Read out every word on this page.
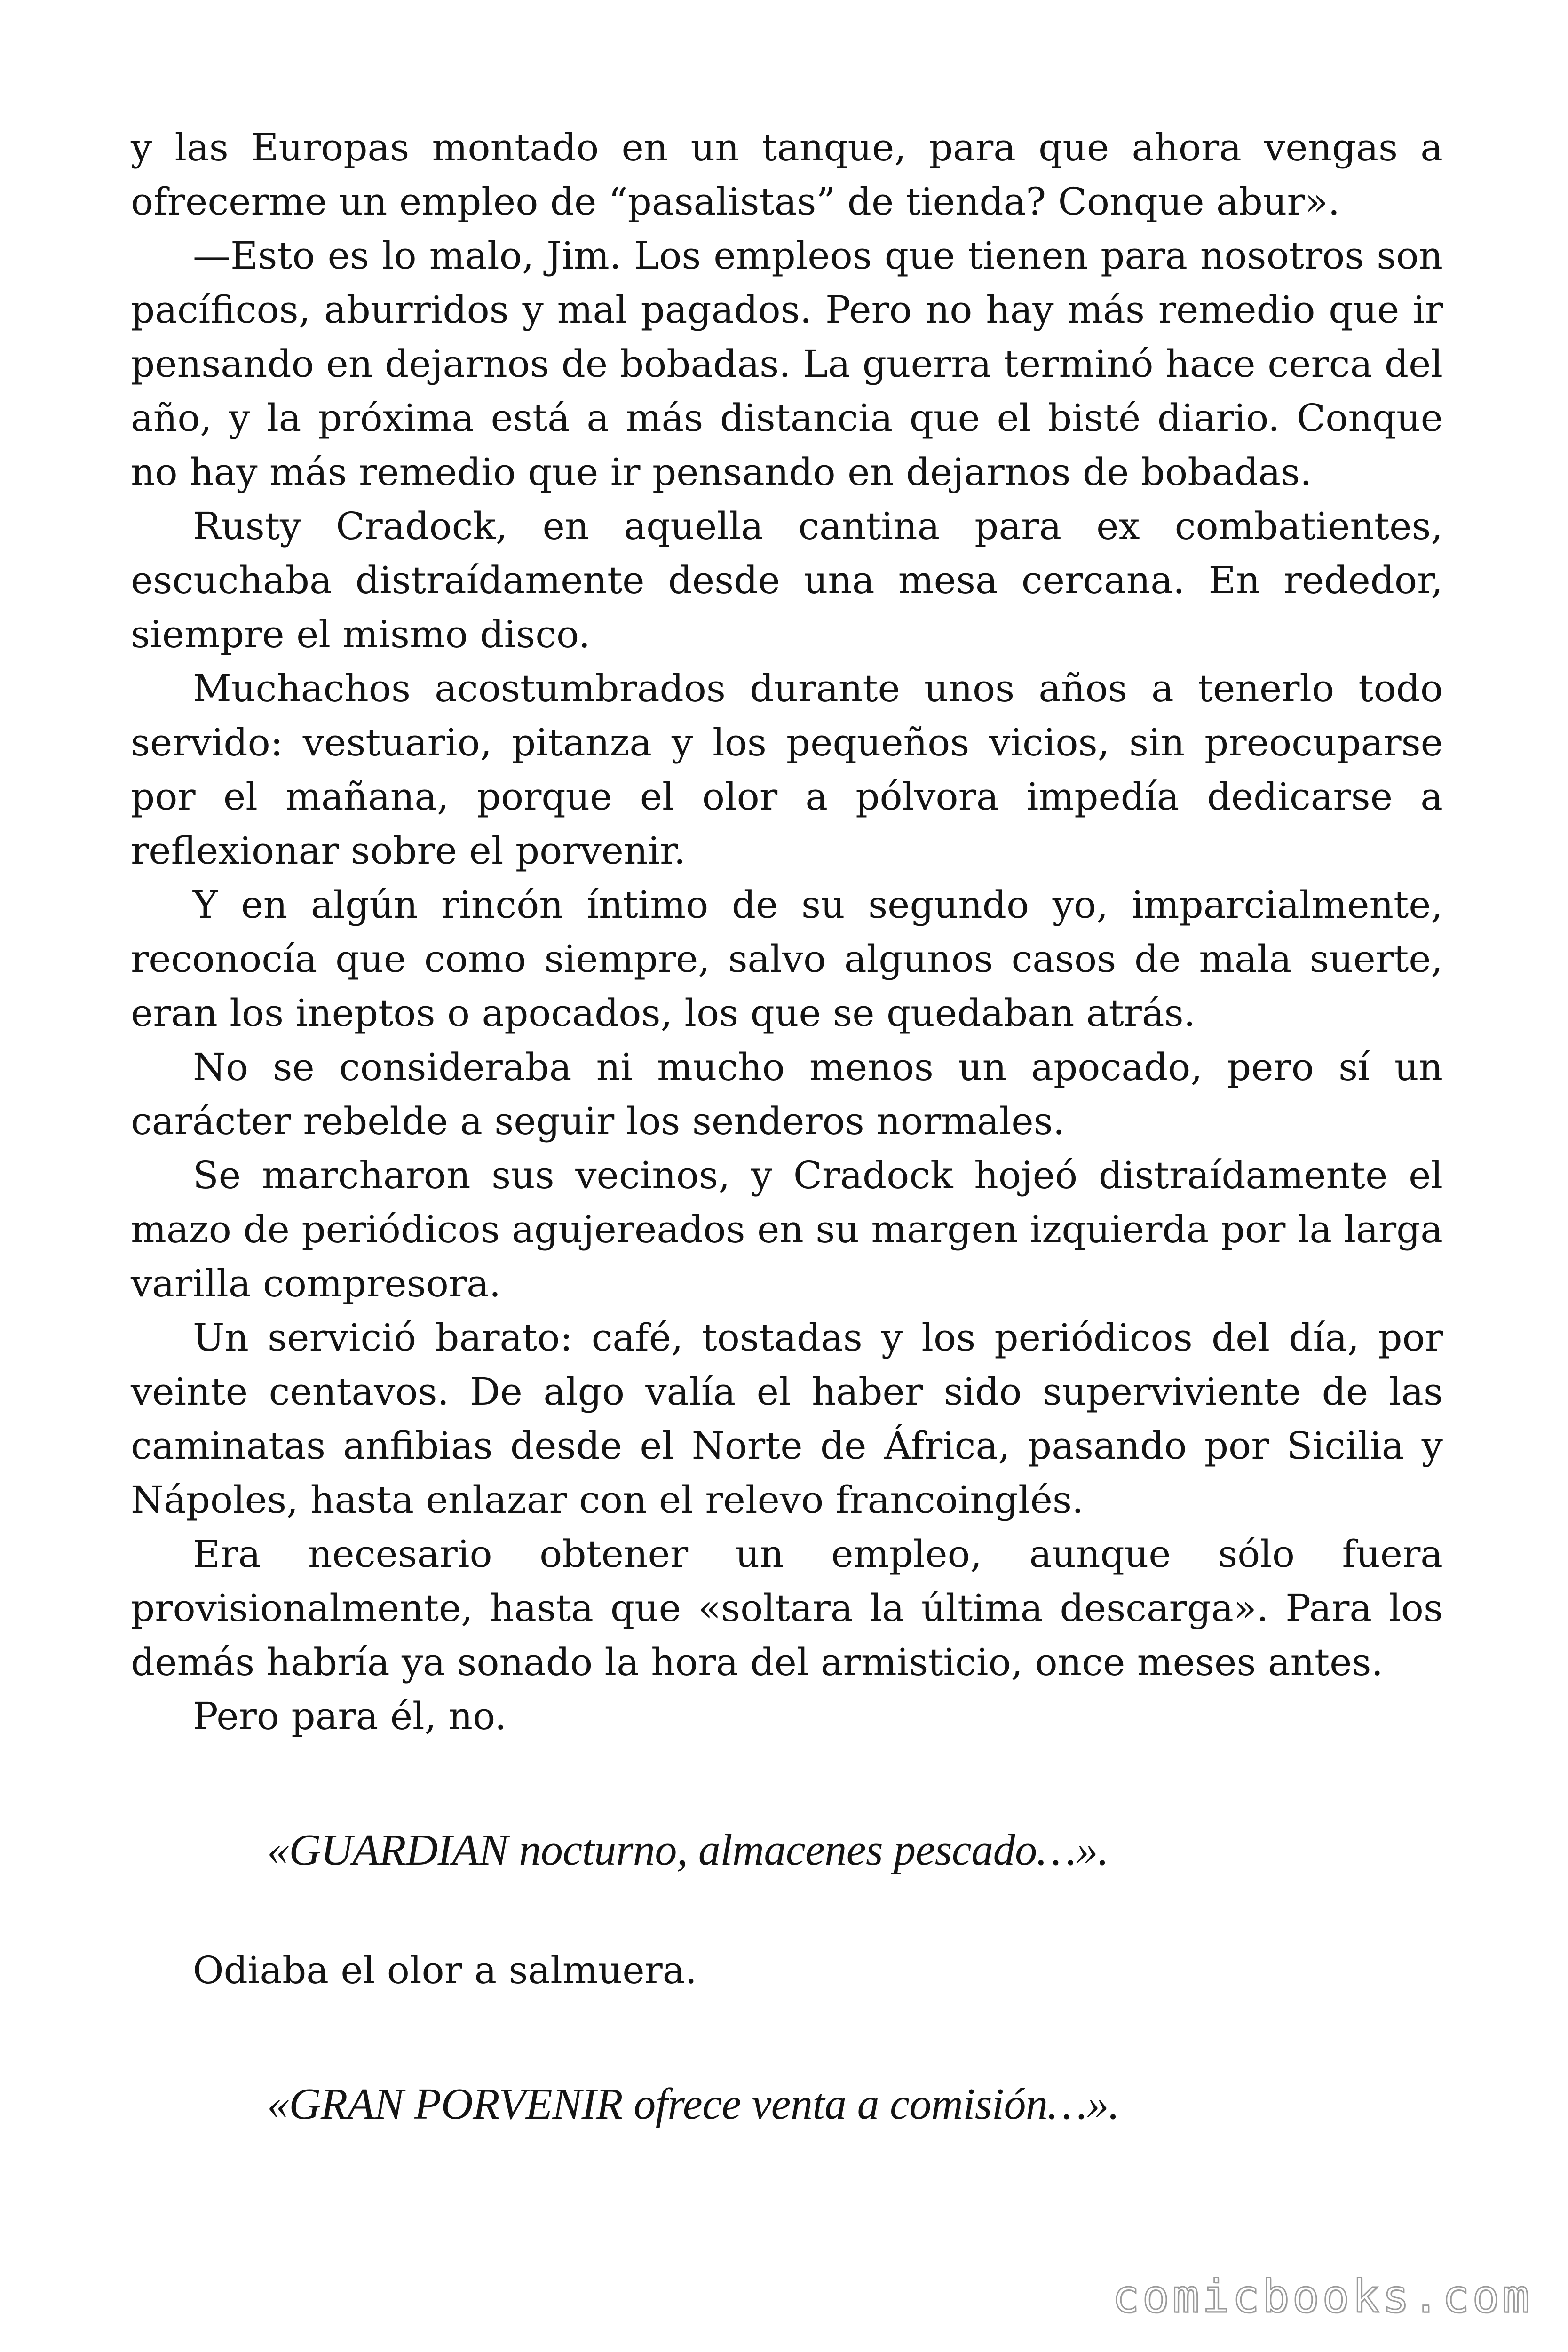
y las Europas montado en un tanque, para que ahora vengas a ofrecerme un empleo de “pasalistas” de tienda? Conque abur».

—Esto es lo malo, Jim. Los empleos que tienen para nosotros son pacíficos, aburridos y mal pagados. Pero no hay más remedio que ir pensando en dejarnos de bobadas. La guerra terminó hace cerca del año, y la próxima está a más distancia que el bisté diario. Conque no hay más remedio que ir pensando en dejarnos de bobadas.

Rusty Cradock, en aquella cantina para ex combatientes, escuchaba distraídamente desde una mesa cercana. En rededor, siempre el mismo disco.

Muchachos acostumbrados durante unos años a tenerlo todo servido: vestuario, pitanza y los pequeños vicios, sin preocuparse por el mañana, porque el olor a pólvora impedía dedicarse a reflexionar sobre el porvenir.

Y en algún rincón íntimo de su segundo yo, imparcialmente, reconocía que como siempre, salvo algunos casos de mala suerte, eran los ineptos o apocados, los que se quedaban atrás.

No se consideraba ni mucho menos un apocado, pero sí un carácter rebelde a seguir los senderos normales.

Se marcharon sus vecinos, y Cradock hojeó distraídamente el mazo de periódicos agujereados en su margen izquierda por la larga varilla compresora.

Un servició barato: café, tostadas y los periódicos del día, por veinte centavos. De algo valía el haber sido superviviente de las caminatas anfibias desde el Norte de África, pasando por Sicilia y Nápoles, hasta enlazar con el relevo francoinglés.

Era necesario obtener un empleo, aunque sólo fuera provisionalmente, hasta que «soltara la última descarga». Para los demás habría ya sonado la hora del armisticio, once meses antes.

Pero para él, no.

«GUARDIAN nocturno, almacenes pescado…».

Odiaba el olor a salmuera.

«GRAN PORVENIR ofrece venta a comisión…».

comicbooks.com
